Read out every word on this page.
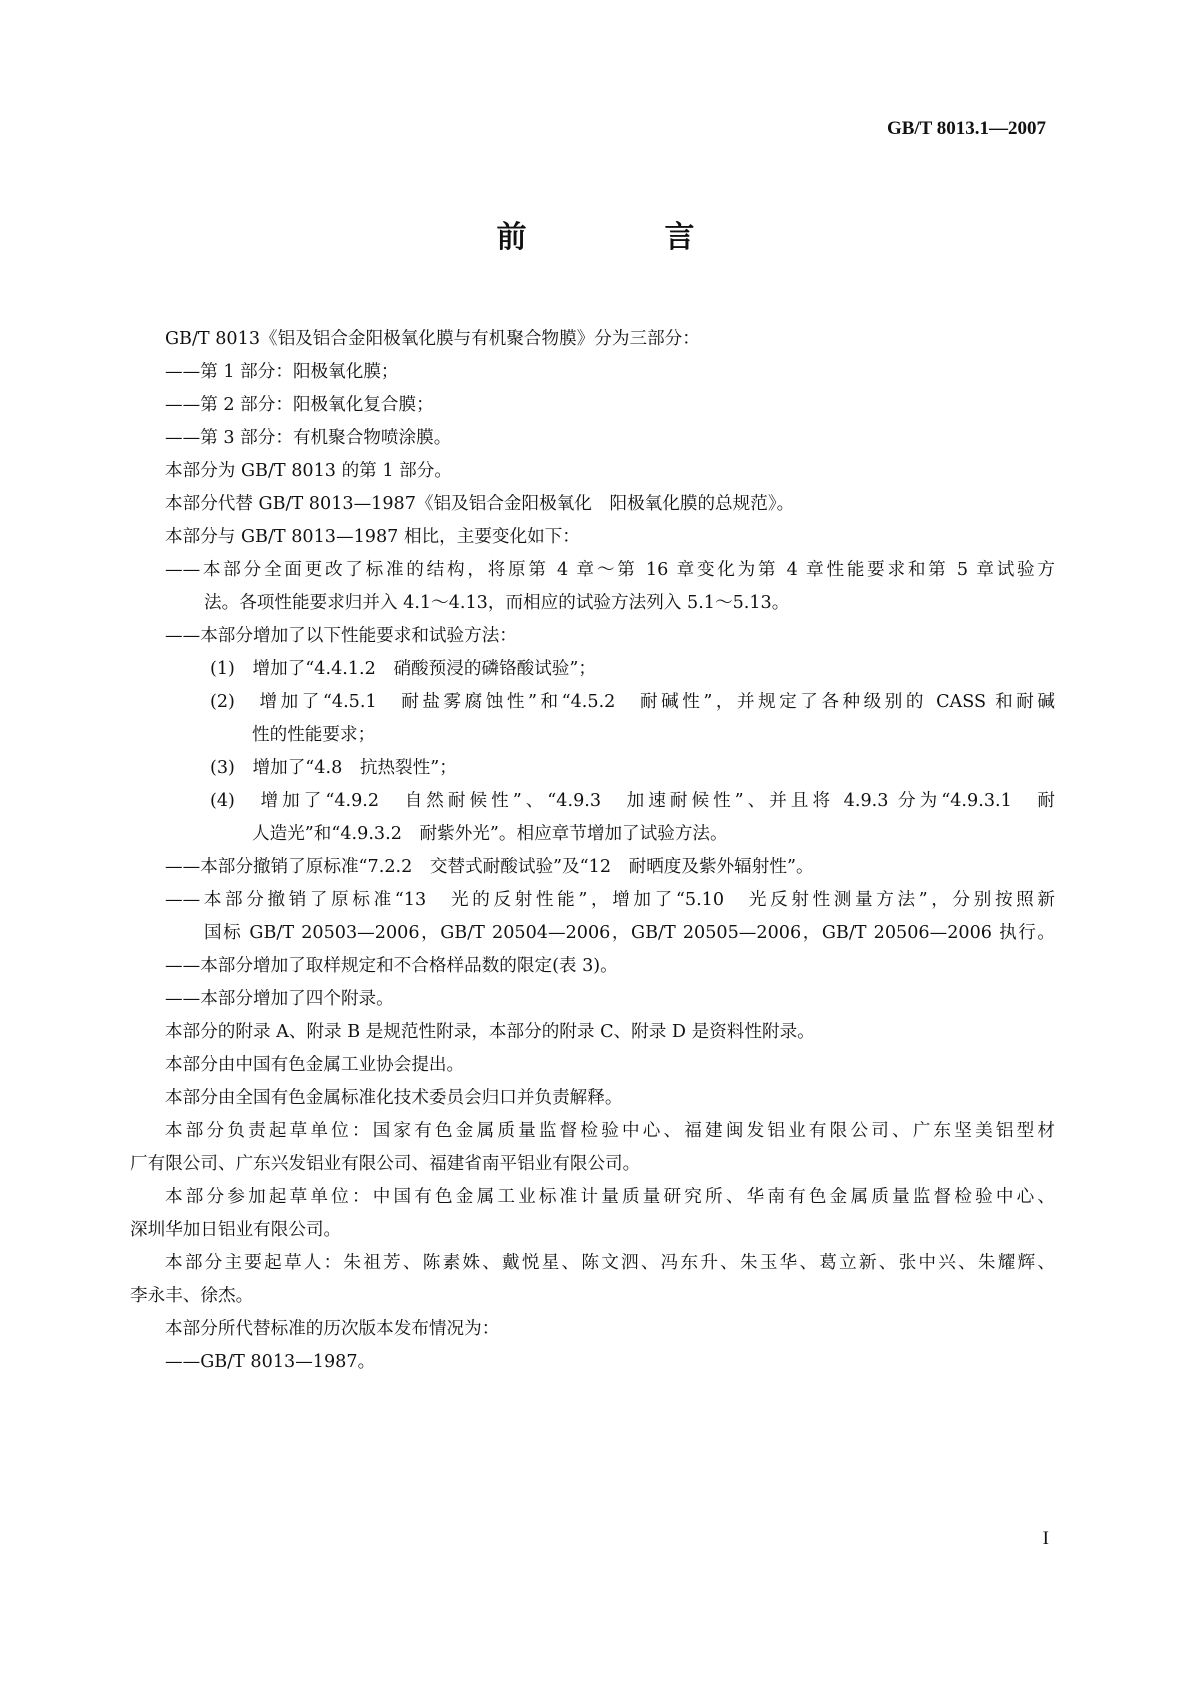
GB/T 8013.1—2007
前　言
GB/T 8013《铝及铝合金阳极氧化膜与有机聚合物膜》分为三部分：
——第 1 部分：阳极氧化膜；
——第 2 部分：阳极氧化复合膜；
——第 3 部分：有机聚合物喷涂膜。
本部分为 GB/T 8013 的第 1 部分。
本部分代替 GB/T 8013—1987《铝及铝合金阳极氧化　阳极氧化膜的总规范》。
本部分与 GB/T 8013—1987 相比，主要变化如下：
——本部分全面更改了标准的结构，将原第 4 章～第 16 章变化为第 4 章性能要求和第 5 章试验方
法。各项性能要求归并入 4.1～4.13，而相应的试验方法列入 5.1～5.13。
——本部分增加了以下性能要求和试验方法：
(1)　增加了“4.4.1.2　硝酸预浸的磷铬酸试验”；
(2)　增加了“4.5.1　耐盐雾腐蚀性”和“4.5.2　耐碱性”，并规定了各种级别的 CASS 和耐碱
性的性能要求；
(3)　增加了“4.8　抗热裂性”；
(4)　增加了“4.9.2　自然耐候性”、“4.9.3　加速耐候性”、并且将 4.9.3 分为“4.9.3.1　耐
人造光”和“4.9.3.2　耐紫外光”。相应章节增加了试验方法。
——本部分撤销了原标准“7.2.2　交替式耐酸试验”及“12　耐晒度及紫外辐射性”。
——本部分撤销了原标准“13　光的反射性能”，增加了“5.10　光反射性测量方法”，分别按照新
国标 GB/T 20503—2006，GB/T 20504—2006，GB/T 20505—2006，GB/T 20506—2006 执行。
——本部分增加了取样规定和不合格样品数的限定(表 3)。
——本部分增加了四个附录。
本部分的附录 A、附录 B 是规范性附录，本部分的附录 C、附录 D 是资料性附录。
本部分由中国有色金属工业协会提出。
本部分由全国有色金属标准化技术委员会归口并负责解释。
本部分负责起草单位：国家有色金属质量监督检验中心、福建闽发铝业有限公司、广东坚美铝型材
厂有限公司、广东兴发铝业有限公司、福建省南平铝业有限公司。
本部分参加起草单位：中国有色金属工业标准计量质量研究所、华南有色金属质量监督检验中心、
深圳华加日铝业有限公司。
本部分主要起草人：朱祖芳、陈素姝、戴悦星、陈文泗、冯东升、朱玉华、葛立新、张中兴、朱耀辉、
李永丰、徐杰。
本部分所代替标准的历次版本发布情况为：
——GB/T 8013—1987。
I
